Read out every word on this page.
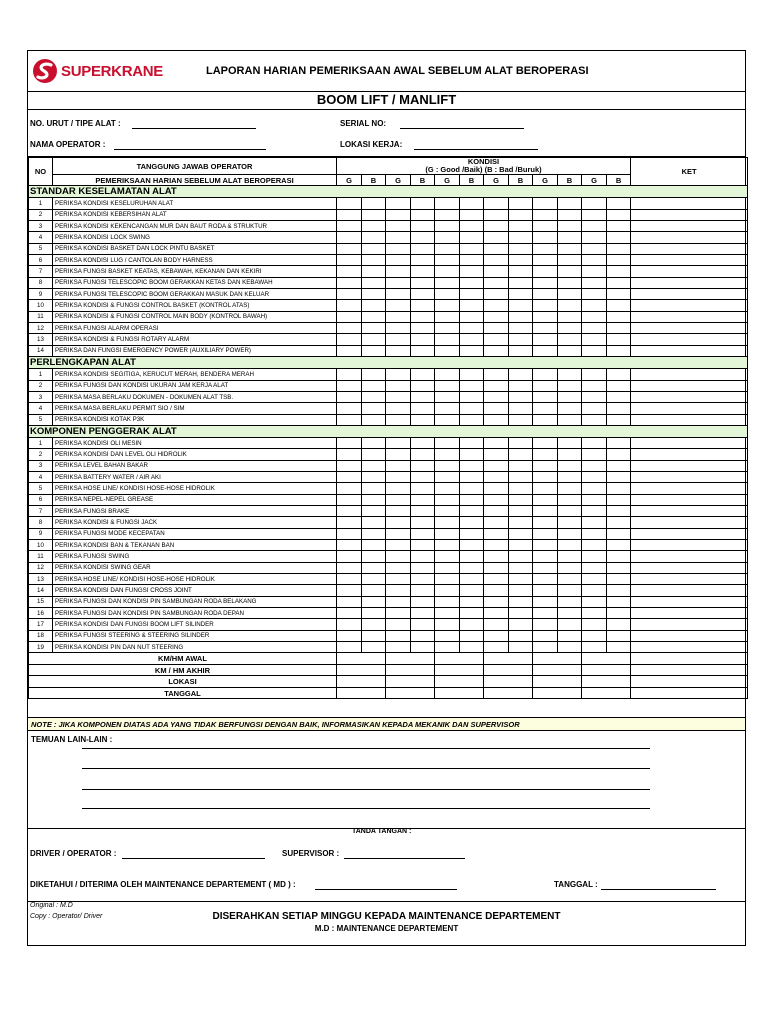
SUPERKRANE	LAPORAN HARIAN PEMERIKSAAN AWAL SEBELUM ALAT BEROPERASI
BOOM LIFT / MANLIFT
NO. URUT / TIPE ALAT :	SERIAL NO:
NAMA OPERATOR :	LOKASI KERJA:
NO	TANGGUNG JAWAB OPERATOR	KONDISI
(G : Good /Baik) (B : Bad /Buruk)												KET
	PEMERIKSAAN HARIAN SEBELUM ALAT BEROPERASI	G	B	G	B	G	B	G	B	G	B	G	B	
STANDAR KESELAMATAN ALAT														
1	PERIKSA KONDISI KESELURUHAN ALAT													
2	PERIKSA KONDISI KEBERSIHAN ALAT													
3	PERIKSA KONDISI KEKENCANGAN MUR DAN BAUT RODA & STRUKTUR													
4	PERIKSA KONDISI LOCK SWING													
5	PERIKSA KONDISI BASKET DAN LOCK PINTU BASKET													
6	PERIKSA KONDISI LUG / CANTOLAN BODY HARNESS													
7	PERIKSA FUNGSI BASKET KEATAS, KEBAWAH, KEKANAN DAN KEKIRI													
8	PERIKSA FUNGSI TELESCOPIC BOOM GERAKKAN KETAS DAN KEBAWAH													
9	PERIKSA FUNGSI TELESCOPIC BOOM GERAKKAN MASUK DAN KELUAR													
10	PERIKSA KONDISI & FUNGSI CONTROL BASKET (KONTROL ATAS)													
11	PERIKSA KONDISI & FUNGSI CONTROL MAIN BODY (KONTROL BAWAH)													
12	PERIKSA FUNGSI ALARM OPERASI													
13	PERIKSA KONDISI & FUNGSI ROTARY ALARM													
14	PERIKSA DAN FUNGSI EMERGENCY POWER (AUXILIARY POWER)													
PERLENGKAPAN ALAT														
1	PERIKSA KONDISI SEGITIGA, KERUCUT MERAH, BENDERA MERAH													
2	PERIKSA FUNGSI DAN KONDISI UKURAN JAM KERJA ALAT													
3	PERIKSA MASA BERLAKU DOKUMEN - DOKUMEN ALAT TSB.													
4	PERIKSA MASA BERLAKU PERMIT SIO / SIM													
5	PERIKSA KONDISI KOTAK P3K													
KOMPONEN PENGGERAK ALAT														
1	PERIKSA KONDISI OLI MESIN													
2	PERIKSA KONDISI DAN LEVEL OLI HIDROLIK													
3	PERIKSA LEVEL BAHAN BAKAR													
4	PERIKSA BATTERY WATER / AIR AKI													
5	PERIKSA HOSE LINE/ KONDISI HOSE-HOSE HIDROLIK													
6	PERIKSA NEPEL-NEPEL GREASE													
7	PERIKSA FUNGSI BRAKE													
8	PERIKSA KONDISI & FUNGSI JACK													
9	PERIKSA FUNGSI MODE KECEPATAN													
10	PERIKSA KONDISI BAN & TEKANAN BAN													
11	PERIKSA FUNGSI SWING													
12	PERIKSA KONDISI SWING GEAR													
13	PERIKSA HOSE LINE/ KONDISI HOSE-HOSE HIDROLIK													
14	PERIKSA KONDISI DAN FUNGSI CROSS JOINT													
15	PERIKSA FUNGSI DAN KONDISI PIN SAMBUNGAN RODA BELAKANG													
16	PERIKSA FUNGSI DAN KONDISI PIN SAMBUNGAN RODA DEPAN													
17	PERIKSA KONDISI DAN FUNGSI BOOM LIFT SILINDER													
18	PERIKSA FUNGSI STEERING & STEERING SILINDER													
19	PERIKSA KONDISI PIN DAN NUT STEERING													
KM/HM AWAL														
KM / HM AKHIR														
LOKASI														
TANGGAL														
NOTE : JIKA KOMPONEN DIATAS ADA YANG TIDAK BERFUNGSI DENGAN BAIK, INFORMASIKAN KEPADA MEKANIK DAN SUPERVISOR
TEMUAN LAIN-LAIN :
TANDA TANGAN :
DRIVER / OPERATOR :	SUPERVISOR :
DIKETAHUI / DITERIMA OLEH MAINTENANCE DEPARTEMENT ( MD ) :	TANGGAL :
Original : M.D
Copy : Operator/ Driver	DISERAHKAN SETIAP MINGGU KEPADA MAINTENANCE DEPARTEMENT
M.D : MAINTENANCE DEPARTEMENT
